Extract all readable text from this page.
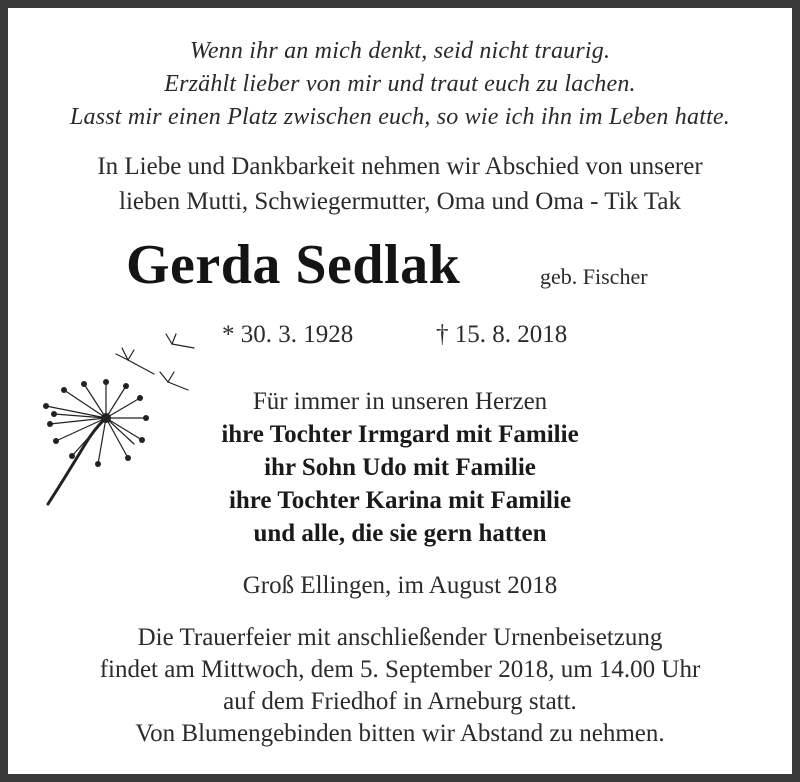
Wenn ihr an mich denkt, seid nicht traurig.
Erzählt lieber von mir und traut euch zu lachen.
Lasst mir einen Platz zwischen euch, so wie ich ihn im Leben hatte.
In Liebe und Dankbarkeit nehmen wir Abschied von unserer
lieben Mutti, Schwiegermutter, Oma und Oma - Tik Tak
Gerda Sedlak	geb. Fischer
* 30. 3. 1928	† 15. 8. 2018
Für immer in unseren Herzen
ihre Tochter Irmgard mit Familie
ihr Sohn Udo mit Familie
ihre Tochter Karina mit Familie
und alle, die sie gern hatten
Groß Ellingen, im August 2018
Die Trauerfeier mit anschließender Urnenbeisetzung
findet am Mittwoch, dem 5. September 2018, um 14.00 Uhr
auf dem Friedhof in Arneburg statt.
Von Blumengebinden bitten wir Abstand zu nehmen.
